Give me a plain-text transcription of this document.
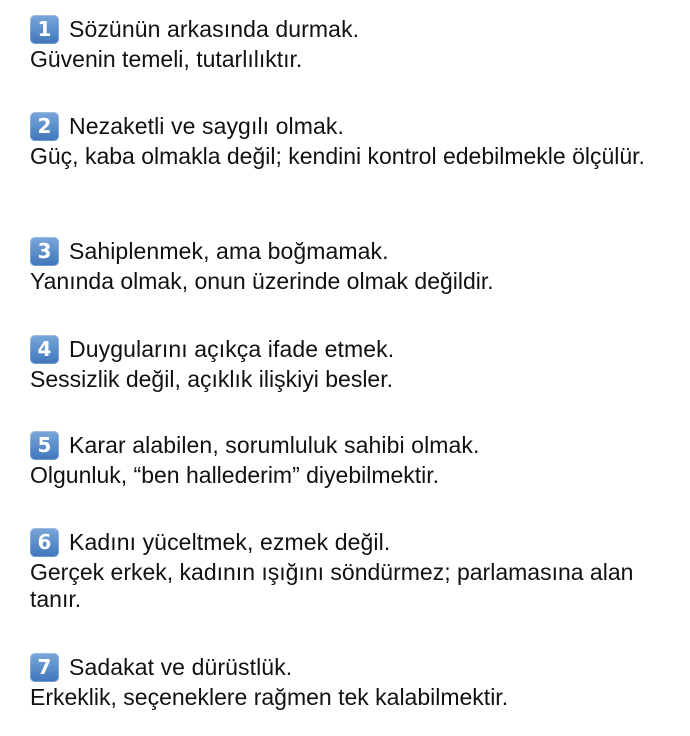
1 Sözünün arkasında durmak.
Güvenin temeli, tutarlılıktır.
2 Nezaketli ve saygılı olmak.
Güç, kaba olmakla değil; kendini kontrol edebilmekle ölçülür.
3 Sahiplenmek, ama boğmamak.
Yanında olmak, onun üzerinde olmak değildir.
4 Duygularını açıkça ifade etmek.
Sessizlik değil, açıklık ilişkiyi besler.
5 Karar alabilen, sorumluluk sahibi olmak.
Olgunluk, “ben hallederim” diyebilmektir.
6 Kadını yüceltmek, ezmek değil.
Gerçek erkek, kadının ışığını söndürmez; parlamasına alan tanır.
7 Sadakat ve dürüstlük.
Erkeklik, seçeneklere rağmen tek kalabilmektir.
